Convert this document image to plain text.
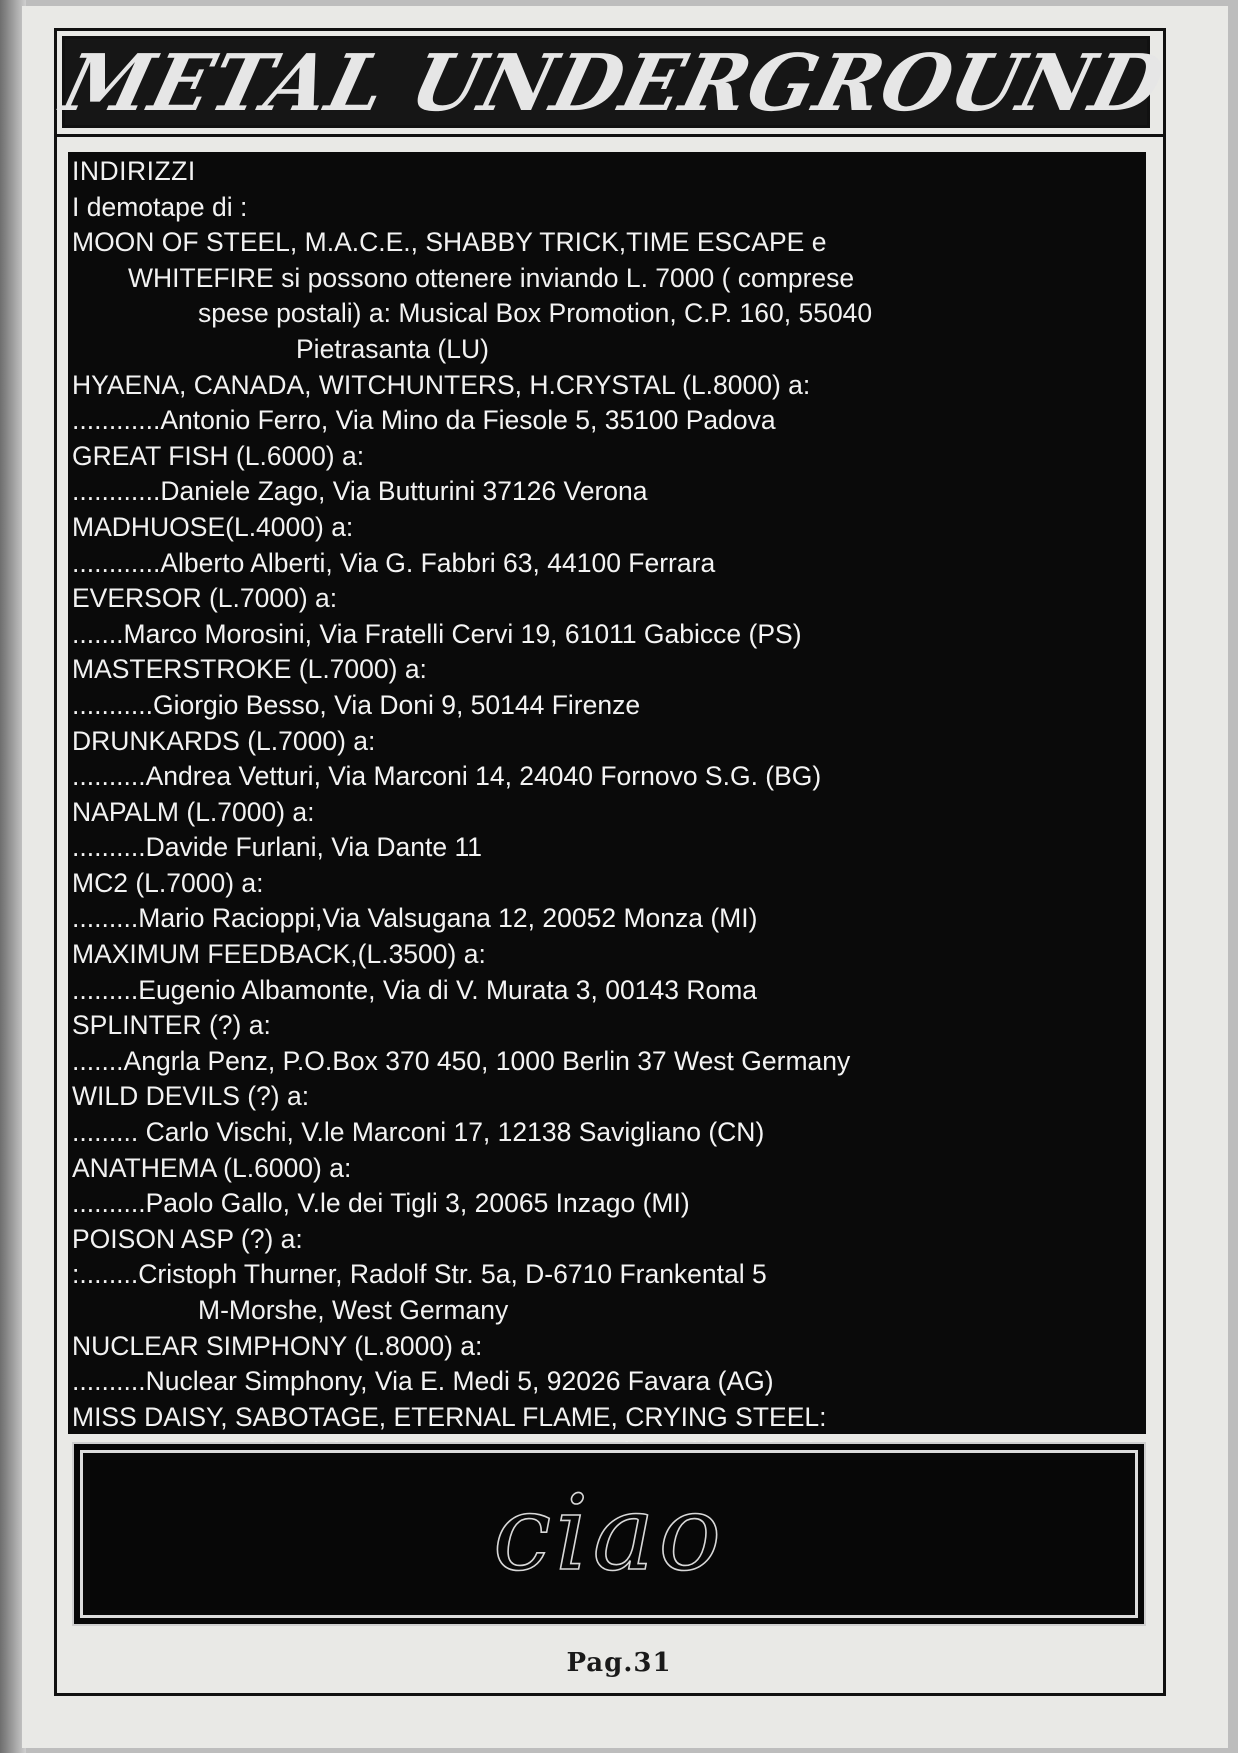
METAL UNDERGROUND
INDIRIZZI
I demotape di :
MOON OF STEEL, M.A.C.E., SHABBY TRICK,TIME ESCAPE e
WHITEFIRE si possono ottenere inviando L. 7000 ( comprese
spese postali) a: Musical Box Promotion, C.P. 160, 55040
Pietrasanta (LU)
HYAENA, CANADA, WITCHUNTERS, H.CRYSTAL (L.8000) a:
............Antonio Ferro, Via Mino da Fiesole 5, 35100 Padova
GREAT FISH (L.6000) a:
............Daniele Zago, Via Butturini 37126 Verona
MADHUOSE(L.4000) a:
............Alberto Alberti, Via G. Fabbri 63, 44100 Ferrara
EVERSOR (L.7000) a:
.......Marco Morosini, Via Fratelli Cervi 19, 61011 Gabicce (PS)
MASTERSTROKE (L.7000) a:
...........Giorgio Besso, Via Doni 9, 50144 Firenze
DRUNKARDS (L.7000) a:
..........Andrea Vetturi, Via Marconi 14, 24040 Fornovo S.G. (BG)
NAPALM (L.7000) a:
..........Davide Furlani, Via Dante 11
MC2 (L.7000) a:
.........Mario Racioppi,Via Valsugana 12, 20052 Monza (MI)
MAXIMUM FEEDBACK,(L.3500) a:
.........Eugenio Albamonte, Via di V. Murata 3, 00143 Roma
SPLINTER (?) a:
.......Angrla Penz, P.O.Box 370 450, 1000 Berlin 37 West Germany
WILD DEVILS (?) a:
......... Carlo Vischi, V.le Marconi 17, 12138 Savigliano (CN)
ANATHEMA (L.6000) a:
..........Paolo Gallo, V.le dei Tigli 3, 20065 Inzago (MI)
POISON ASP (?) a:
:........Cristoph Thurner, Radolf Str. 5a, D-6710 Frankental 5
M-Morshe, West Germany
NUCLEAR SIMPHONY (L.8000) a:
..........Nuclear Simphony, Via E. Medi 5, 92026 Favara (AG)
MISS DAISY, SABOTAGE, ETERNAL FLAME, CRYING STEEL:
ciao
Pag.31
